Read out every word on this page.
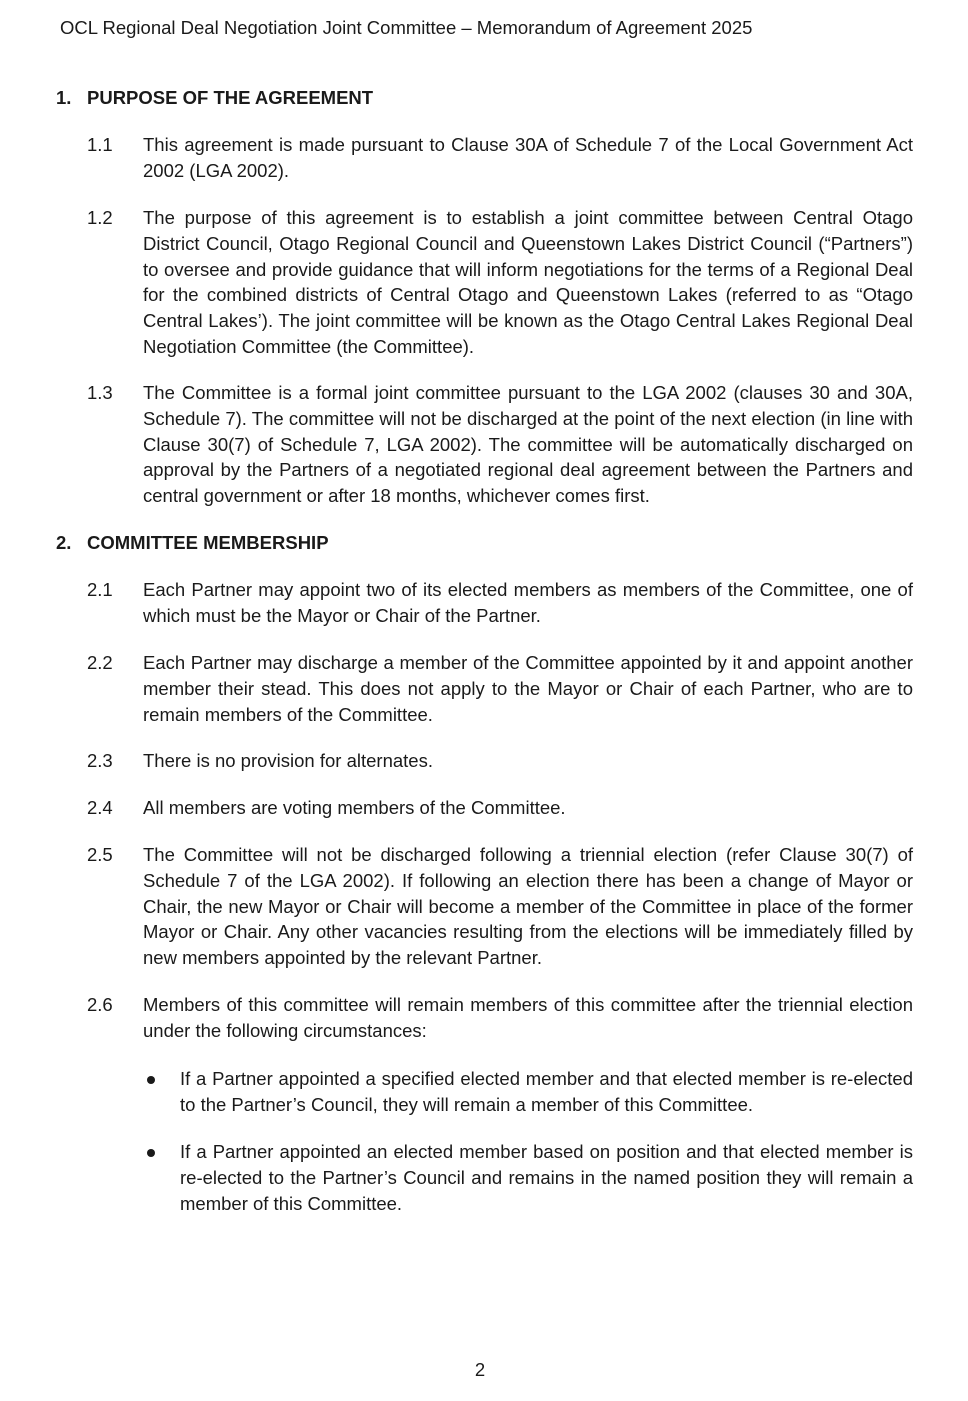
OCL Regional Deal Negotiation Joint Committee – Memorandum of Agreement 2025
1. PURPOSE OF THE AGREEMENT
1.1 This agreement is made pursuant to Clause 30A of Schedule 7 of the Local Government Act 2002 (LGA 2002).
1.2 The purpose of this agreement is to establish a joint committee between Central Otago District Council, Otago Regional Council and Queenstown Lakes District Council (“Partners”) to oversee and provide guidance that will inform negotiations for the terms of a Regional Deal for the combined districts of Central Otago and Queenstown Lakes (referred to as “Otago Central Lakes’). The joint committee will be known as the Otago Central Lakes Regional Deal Negotiation Committee (the Committee).
1.3 The Committee is a formal joint committee pursuant to the LGA 2002 (clauses 30 and 30A, Schedule 7). The committee will not be discharged at the point of the next election (in line with Clause 30(7) of Schedule 7, LGA 2002). The committee will be automatically discharged on approval by the Partners of a negotiated regional deal agreement between the Partners and central government or after 18 months, whichever comes first.
2. COMMITTEE MEMBERSHIP
2.1 Each Partner may appoint two of its elected members as members of the Committee, one of which must be the Mayor or Chair of the Partner.
2.2 Each Partner may discharge a member of the Committee appointed by it and appoint another member their stead. This does not apply to the Mayor or Chair of each Partner, who are to remain members of the Committee.
2.3 There is no provision for alternates.
2.4 All members are voting members of the Committee.
2.5 The Committee will not be discharged following a triennial election (refer Clause 30(7) of Schedule 7 of the LGA 2002). If following an election there has been a change of Mayor or Chair, the new Mayor or Chair will become a member of the Committee in place of the former Mayor or Chair. Any other vacancies resulting from the elections will be immediately filled by new members appointed by the relevant Partner.
2.6 Members of this committee will remain members of this committee after the triennial election under the following circumstances:
If a Partner appointed a specified elected member and that elected member is re-elected to the Partner’s Council, they will remain a member of this Committee.
If a Partner appointed an elected member based on position and that elected member is re-elected to the Partner’s Council and remains in the named position they will remain a member of this Committee.
2
